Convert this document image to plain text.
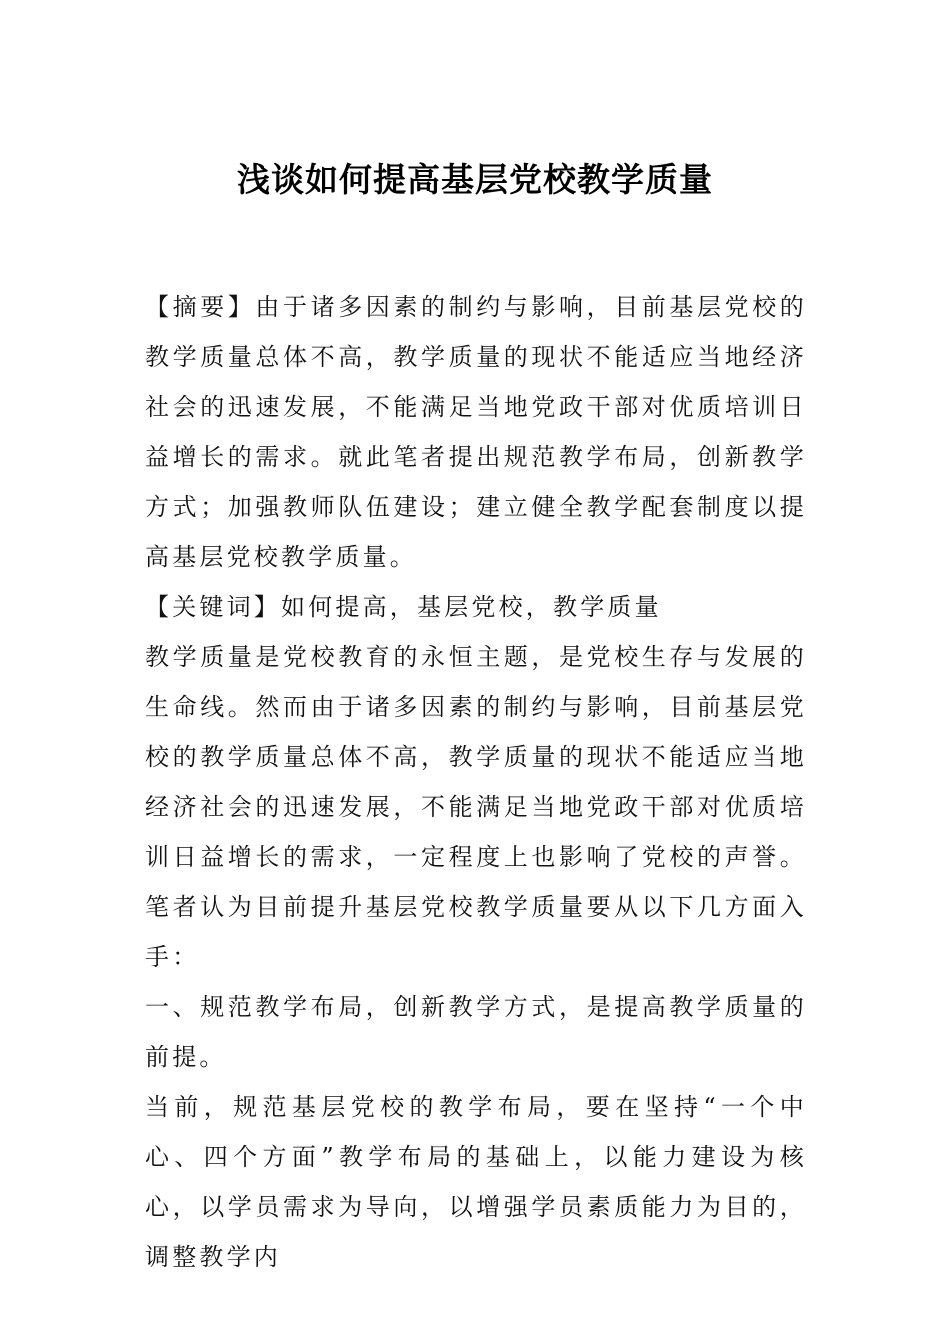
浅谈如何提高基层党校教学质量

【摘要】由于诸多因素的制约与影响，目前基层党校的教学质量总体不高，教学质量的现状不能适应当地经济社会的迅速发展，不能满足当地党政干部对优质培训日益增长的需求。就此笔者提出规范教学布局，创新教学方式；加强教师队伍建设；建立健全教学配套制度以提高基层党校教学质量。

【关键词】如何提高，基层党校，教学质量

教学质量是党校教育的永恒主题，是党校生存与发展的生命线。然而由于诸多因素的制约与影响，目前基层党校的教学质量总体不高，教学质量的现状不能适应当地经济社会的迅速发展，不能满足当地党政干部对优质培训日益增长的需求，一定程度上也影响了党校的声誉。笔者认为目前提升基层党校教学质量要从以下几方面入手：

一、规范教学布局，创新教学方式，是提高教学质量的前提。

当前，规范基层党校的教学布局，要在坚持“一个中心、四个方面”教学布局的基础上，以能力建设为核心，以学员需求为导向，以增强学员素质能力为目的，调整教学内
